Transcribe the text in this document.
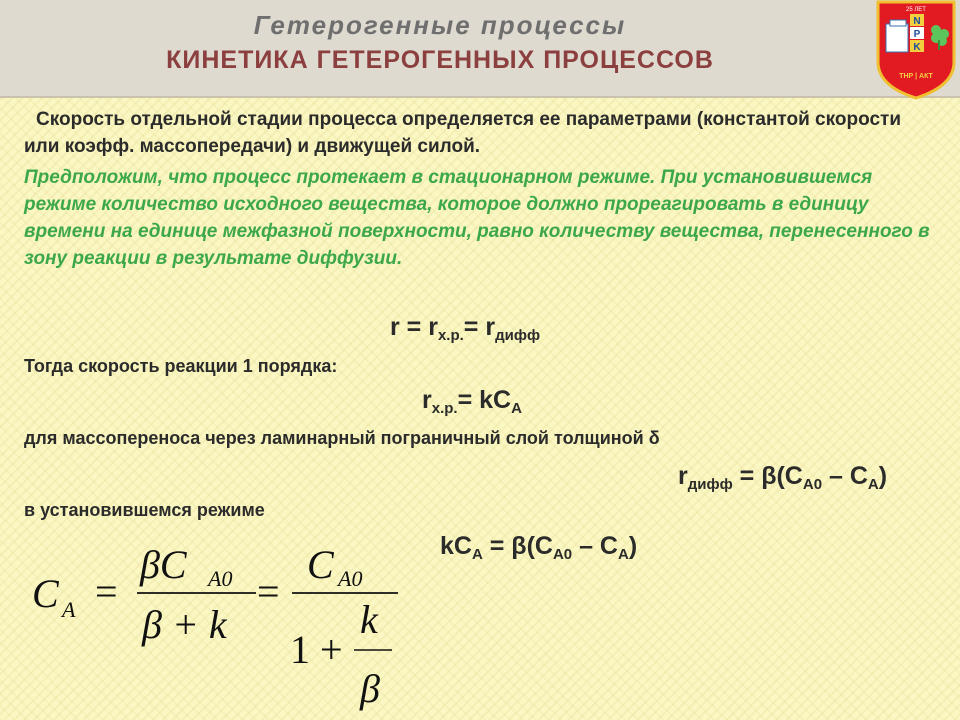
Гетерогенные процессы
КИНЕТИКА ГЕТЕРОГЕННЫХ ПРОЦЕССОВ
25 ЛЕТ
N
P
K
ТНР | АКТ
Скорость отдельной стадии процесса определяется ее параметрами (константой скорости или коэфф. массопередачи) и движущей силой.
Предположим, что процесс протекает в стационарном режиме. При установившемся режиме количество исходного вещества, которое должно прореагировать в единицу времени на единице межфазной поверхности, равно количеству вещества, перенесенного в зону реакции в результате диффузии.
$r = r_{х.р.}= r_{дифф}$
Тогда скорость реакции 1 порядка:
$r_{х.р.}= kC_A$
для массопереноса через ламинарный пограничный слой толщиной δ
$r_{дифф} = \beta(C_{A0} - C_A)$
в установившемся режиме
$kC_A = \beta(C_{A0} - C_A)$
C A =
βC A0
β + k
=
C A0
1 +
k
β
